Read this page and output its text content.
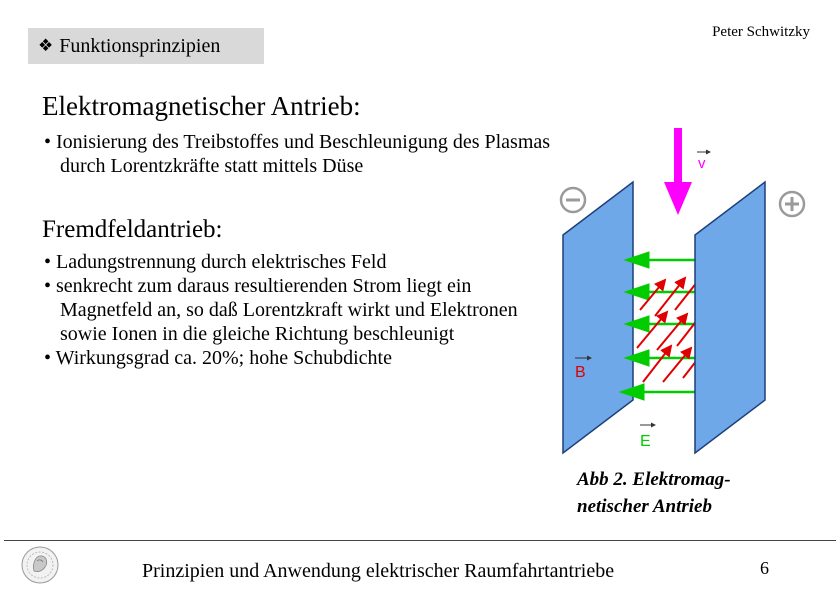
❖ Funktionsprinzipien
Peter Schwitzky
Elektromagnetischer Antrieb:
• Ionisierung des Treibstoffes und Beschleunigung des Plasmas durch Lorentzkräfte statt mittels Düse
Fremdfeldantrieb:
• Ladungstrennung durch elektrisches Feld
• senkrecht zum daraus resultierenden Strom liegt ein Magnetfeld an, so daß Lorentzkraft wirkt und Elektronen sowie Ionen in die gleiche Richtung beschleunigt
• Wirkungsgrad ca. 20%; hohe Schubdichte
v
B
E
Abb 2. Elektromag-netischer Antrieb
Prinzipien und Anwendung elektrischer Raumfahrtantriebe	6
